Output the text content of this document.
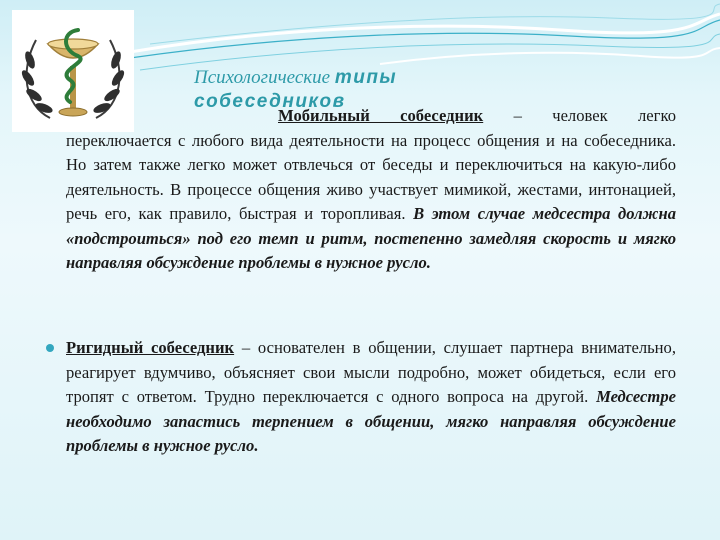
Психологические типы собеседников
Мобильный собеседник – человек легко переключается с любого вида деятельности на процесс общения и на собеседника. Но затем также легко может отвлечься от беседы и переключиться на какую-либо деятельность. В процессе общения живо участвует мимикой, жестами, интонацией, речь его, как правило, быстрая и торопливая. В этом случае медсестра должна «подстроиться» под его темп и ритм, постепенно замедляя скорость и мягко направляя обсуждение проблемы в нужное русло.
Ригидный собеседник – основателен в общении, слушает партнера внимательно, реагирует вдумчиво, объясняет свои мысли подробно, может обидеться, если его тропят с ответом. Трудно переключается с одного вопроса на другой. Медсестре необходимо запастись терпением в общении, мягко направляя обсуждение проблемы в нужное русло.
